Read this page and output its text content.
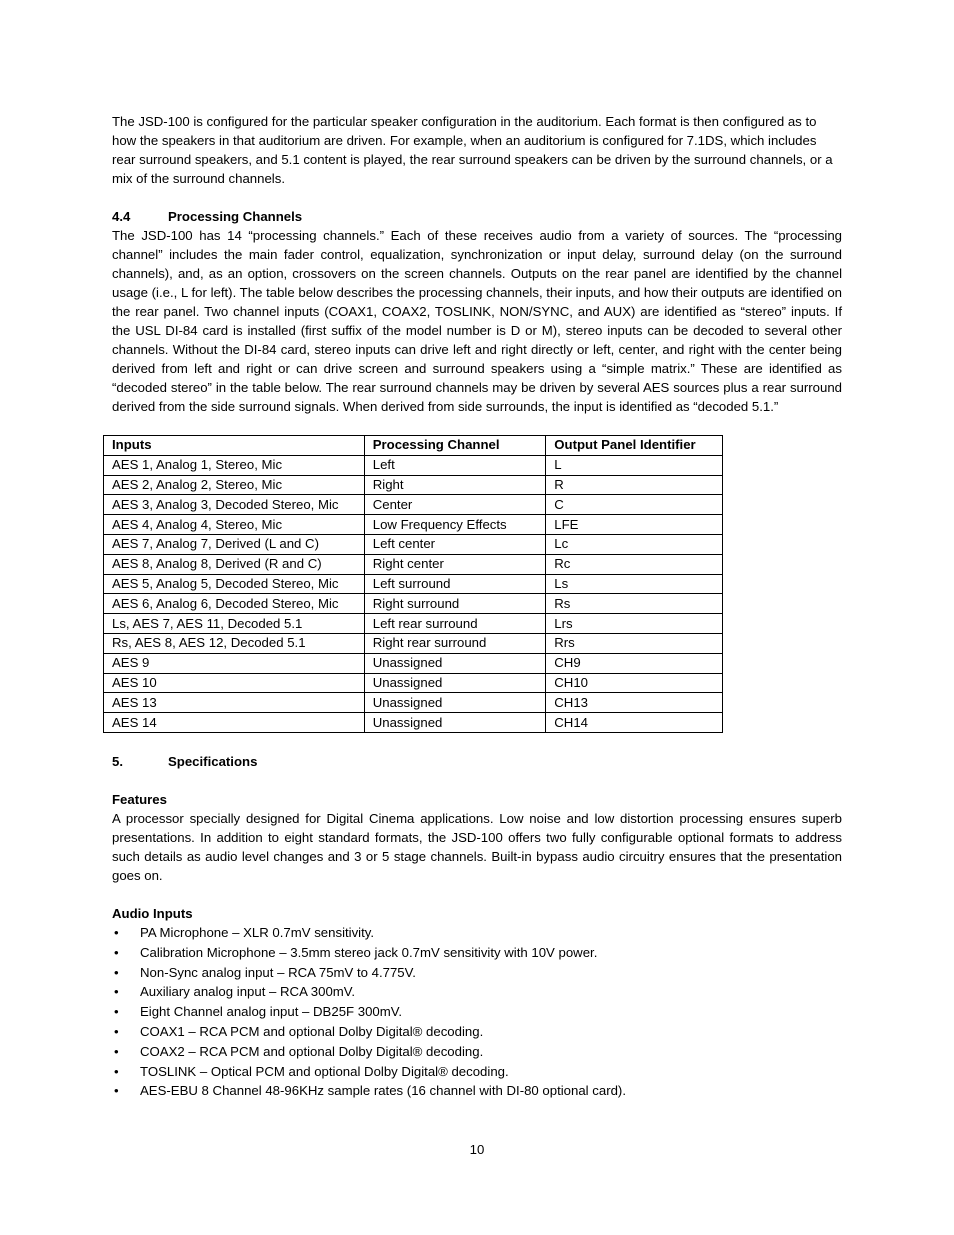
The JSD-100 is configured for the particular speaker configuration in the auditorium. Each format is then configured as to how the speakers in that auditorium are driven. For example, when an auditorium is configured for 7.1DS, which includes rear surround speakers, and 5.1 content is played, the rear surround speakers can be driven by the surround channels, or a mix of the surround channels.

4.4	Processing Channels

The JSD-100 has 14 “processing channels.” Each of these receives audio from a variety of sources. The “processing channel” includes the main fader control, equalization, synchronization or input delay, surround delay (on the surround channels), and, as an option, crossovers on the screen channels. Outputs on the rear panel are identified by the channel usage (i.e., L for left). The table below describes the processing channels, their inputs, and how their outputs are identified on the rear panel. Two channel inputs (COAX1, COAX2, TOSLINK, NON/SYNC, and AUX) are identified as “stereo” inputs. If the USL DI-84 card is installed (first suffix of the model number is D or M), stereo inputs can be decoded to several other channels. Without the DI-84 card, stereo inputs can drive left and right directly or left, center, and right with the center being derived from left and right or can drive screen and surround speakers using a “simple matrix.” These are identified as “decoded stereo” in the table below. The rear surround channels may be driven by several AES sources plus a rear surround derived from the side surround signals. When derived from side surrounds, the input is identified as “decoded 5.1.”

Inputs	Processing Channel	Output Panel Identifier
AES 1, Analog 1, Stereo, Mic	Left	L
AES 2, Analog 2, Stereo, Mic	Right	R
AES 3, Analog 3, Decoded Stereo, Mic	Center	C
AES 4, Analog 4, Stereo, Mic	Low Frequency Effects	LFE
AES 7, Analog 7, Derived (L and C)	Left center	Lc
AES 8, Analog 8, Derived (R and C)	Right center	Rc
AES 5, Analog 5, Decoded Stereo, Mic	Left surround	Ls
AES 6, Analog 6, Decoded Stereo, Mic	Right surround	Rs
Ls, AES 7, AES 11, Decoded 5.1	Left rear surround	Lrs
Rs, AES 8, AES 12, Decoded 5.1	Right rear surround	Rrs
AES 9	Unassigned	CH9
AES 10	Unassigned	CH10
AES 13	Unassigned	CH13
AES 14	Unassigned	CH14
5.	Specifications
Features

A processor specially designed for Digital Cinema applications. Low noise and low distortion processing ensures superb presentations. In addition to eight standard formats, the JSD-100 offers two fully configurable optional formats to address such details as audio level changes and 3 or 5 stage channels. Built-in bypass audio circuitry ensures that the presentation goes on.

Audio Inputs
• PA Microphone – XLR 0.7mV sensitivity.
• Calibration Microphone – 3.5mm stereo jack 0.7mV sensitivity with 10V power.
• Non-Sync analog input – RCA 75mV to 4.775V.
• Auxiliary analog input – RCA 300mV.
• Eight Channel analog input – DB25F 300mV.
• COAX1 – RCA PCM and optional Dolby Digital® decoding.
• COAX2 – RCA PCM and optional Dolby Digital® decoding.
• TOSLINK – Optical PCM and optional Dolby Digital® decoding.
• AES-EBU 8 Channel 48-96KHz sample rates (16 channel with DI-80 optional card).
10
